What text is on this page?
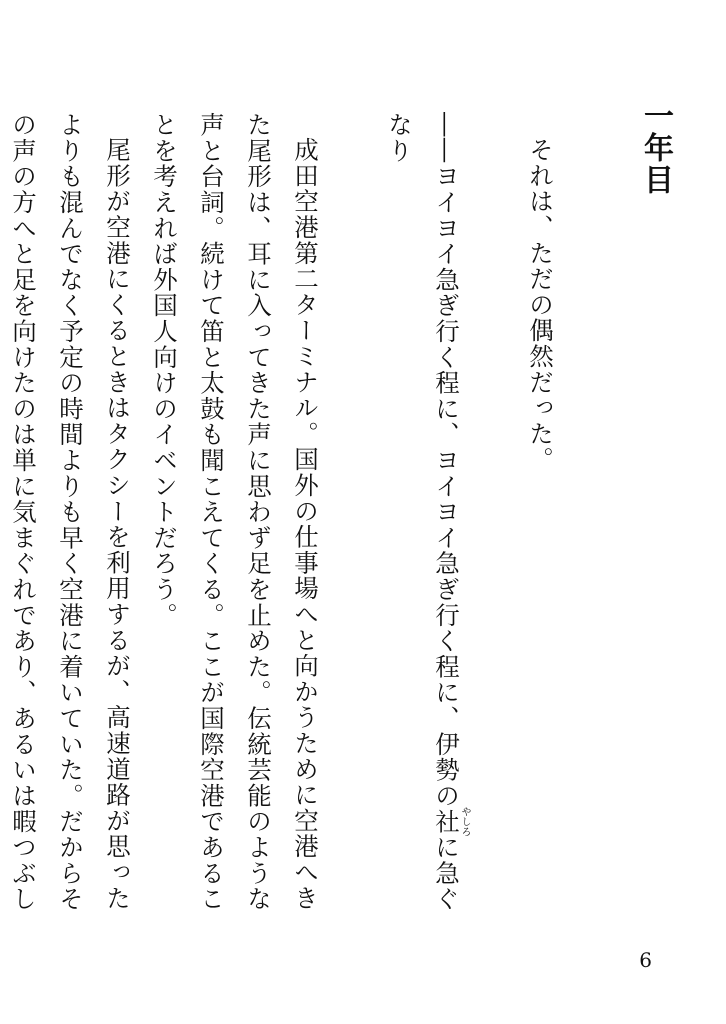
一年目

それは、ただの偶然だった。

――ヨイヨイ急ぎ行く程に、ヨイヨイ急ぎ行く程に、伊勢の社やしろに急ぐなり

成田空港第二ターミナル。国外の仕事場へと向かうために空港へきた尾形は、耳に入ってきた声に思わず足を止めた。伝統芸能のような声と台詞。続けて笛と太鼓も聞こえてくる。ここが国際空港であることを考えれば外国人向けのイベントだろう。

尾形が空港にくるときはタクシーを利用するが、高速道路が思ったよりも混んでなく予定の時間よりも早く空港に着いていた。だからその声の方へと足を向けたのは単に気まぐれであり、あるいは暇つぶし

6
